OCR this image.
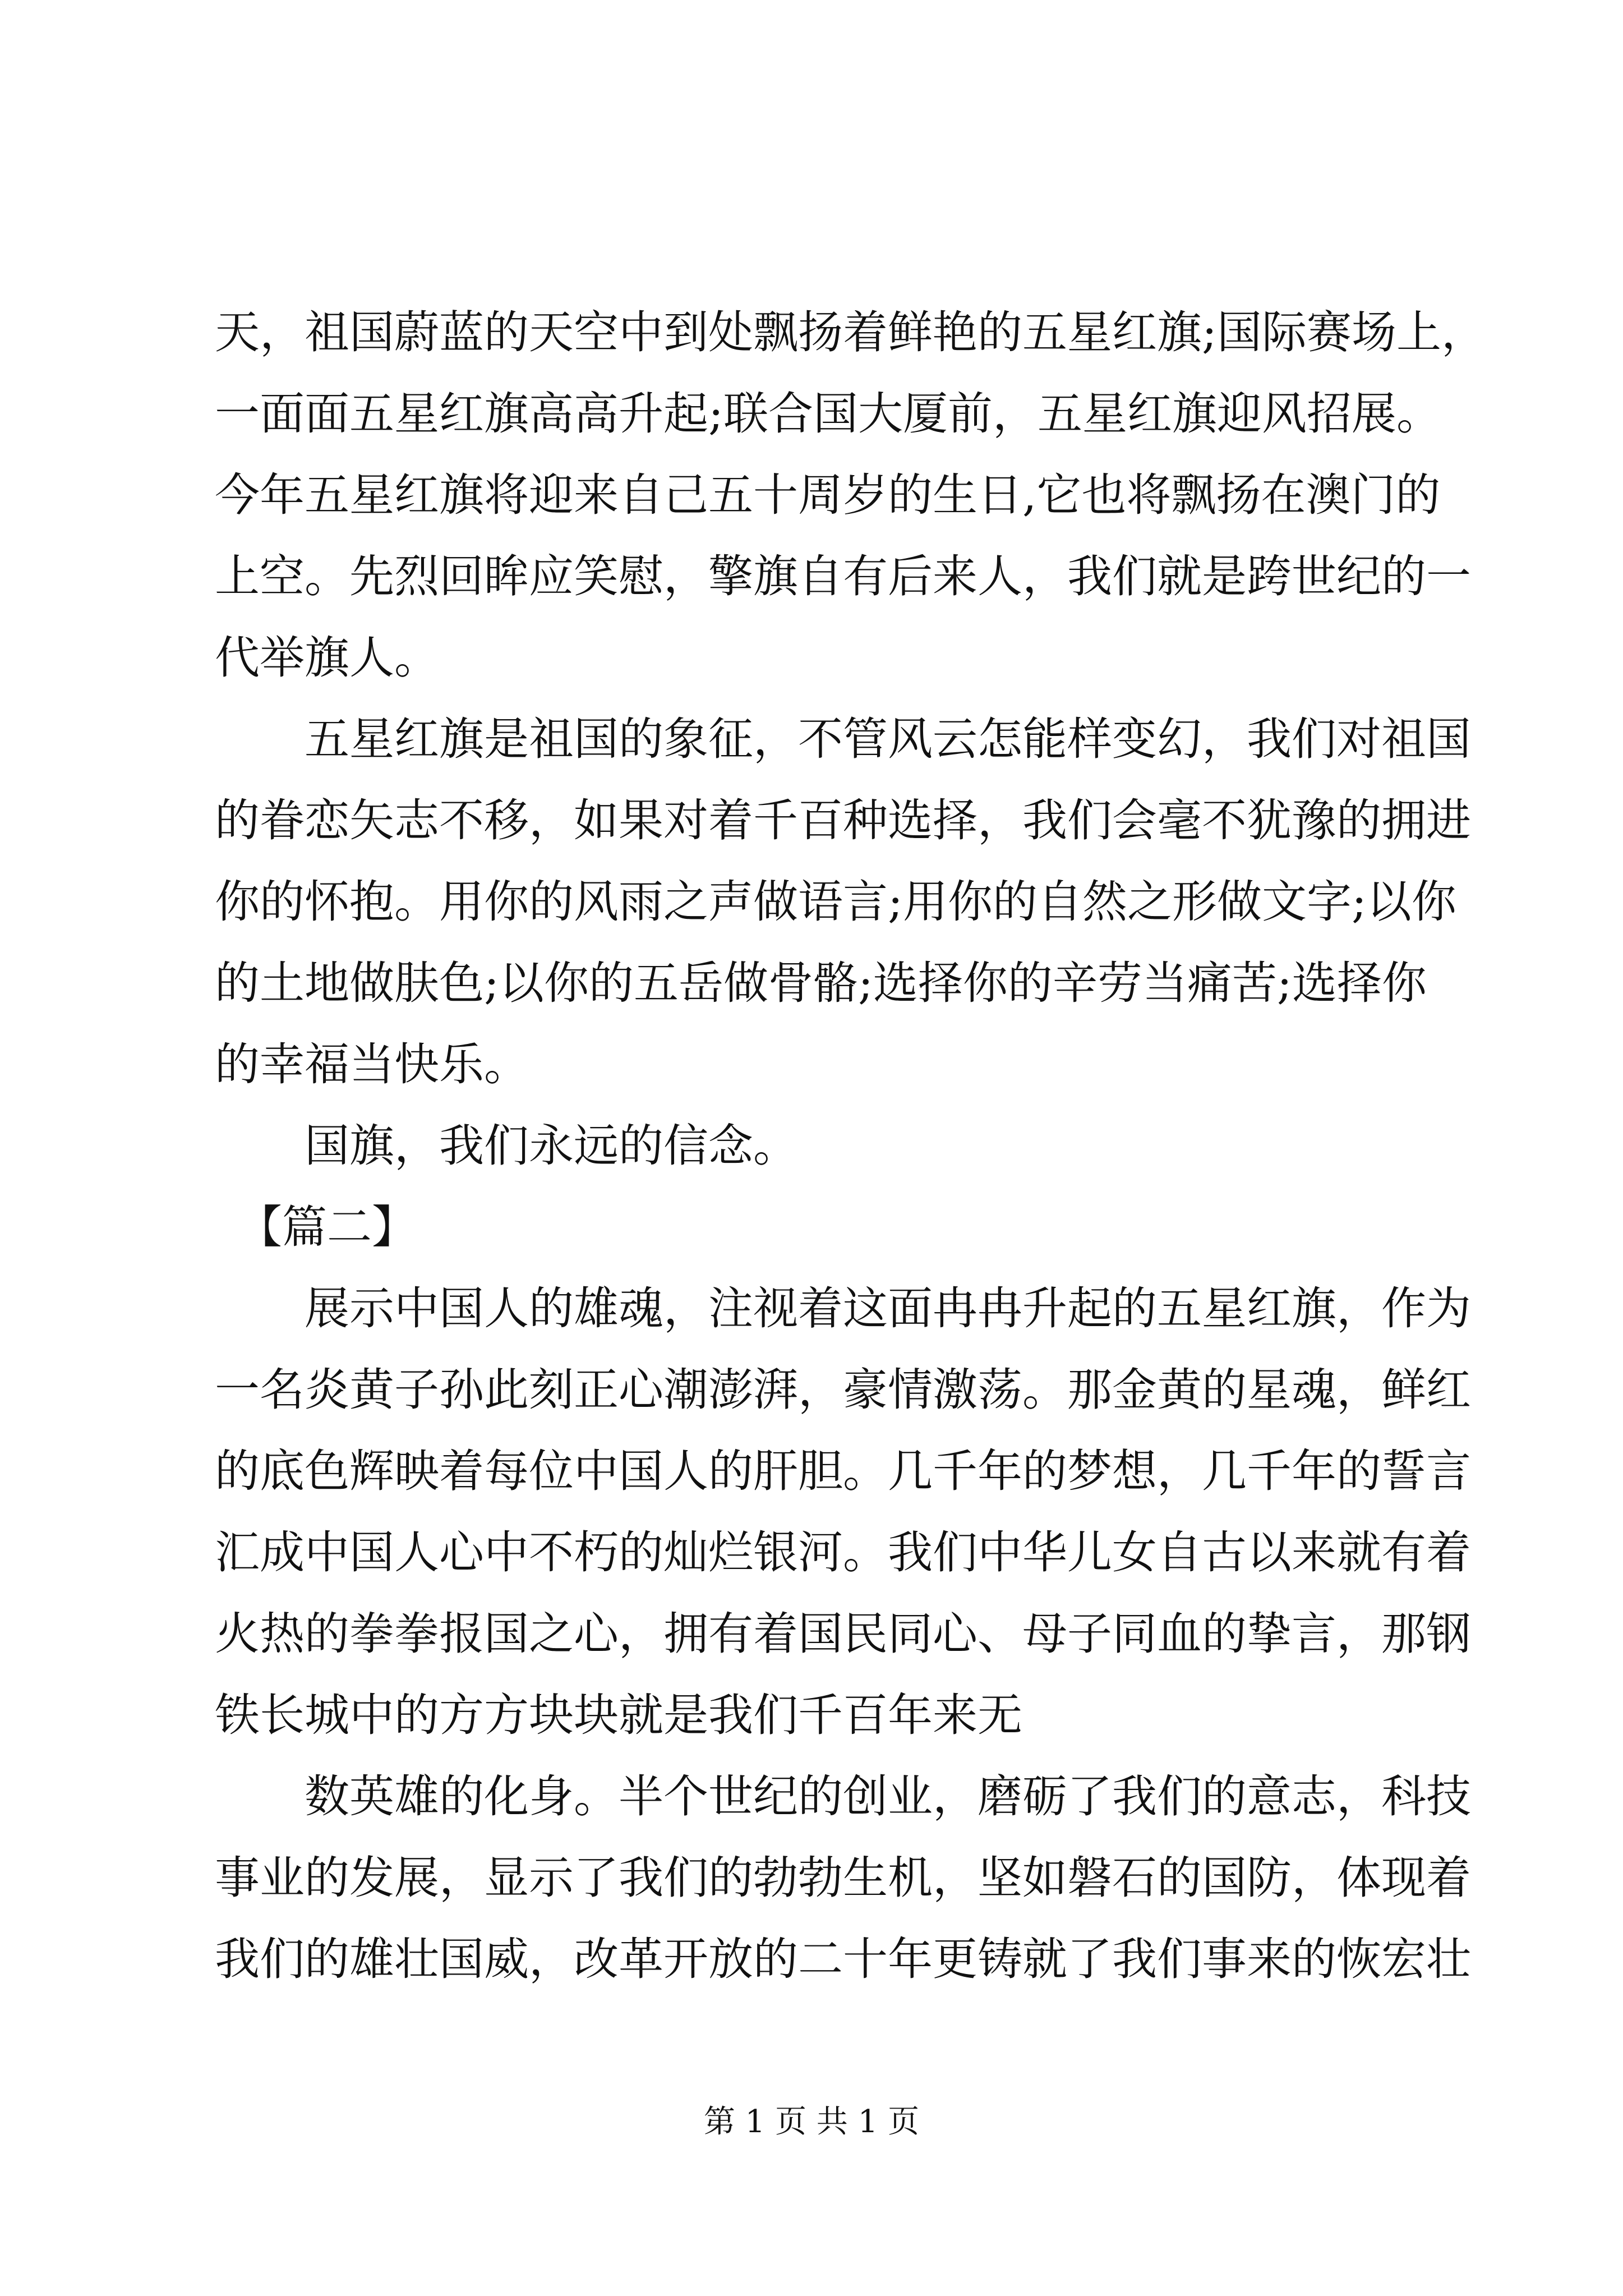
天，祖国蔚蓝的天空中到处飘扬着鲜艳的五星红旗;国际赛场上，
一面面五星红旗高高升起;联合国大厦前，五星红旗迎风招展。
今年五星红旗将迎来自己五十周岁的生日,它也将飘扬在澳门的
上空。先烈回眸应笑慰，擎旗自有后来人，我们就是跨世纪的一
代举旗人。
　　五星红旗是祖国的象征，不管风云怎能样变幻，我们对祖国
的眷恋矢志不移，如果对着千百种选择，我们会毫不犹豫的拥进
你的怀抱。用你的风雨之声做语言;用你的自然之形做文字;以你
的土地做肤色;以你的五岳做骨骼;选择你的辛劳当痛苦;选择你
的幸福当快乐。
　　国旗，我们永远的信念。
　【篇二】
　　展示中国人的雄魂，注视着这面冉冉升起的五星红旗，作为
一名炎黄子孙此刻正心潮澎湃，豪情激荡。那金黄的星魂，鲜红
的底色辉映着每位中国人的肝胆。几千年的梦想，几千年的誓言
汇成中国人心中不朽的灿烂银河。我们中华儿女自古以来就有着
火热的拳拳报国之心，拥有着国民同心、母子同血的挚言，那钢
铁长城中的方方块块就是我们千百年来无
　　数英雄的化身。半个世纪的创业，磨砺了我们的意志，科技
事业的发展，显示了我们的勃勃生机，坚如磐石的国防，体现着
我们的雄壮国威，改革开放的二十年更铸就了我们事来的恢宏壮
第 1 页 共 1 页
